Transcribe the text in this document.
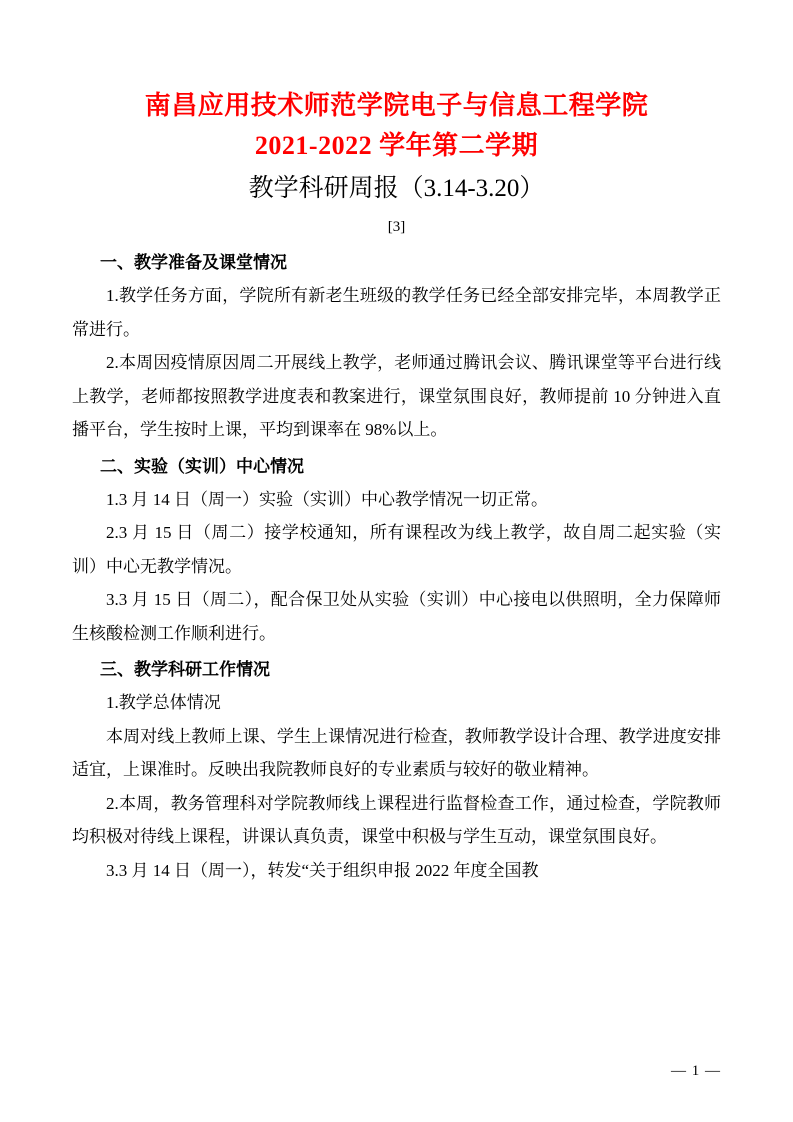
南昌应用技术师范学院电子与信息工程学院
2021-2022 学年第二学期
教学科研周报（3.14-3.20）
[3]
一、教学准备及课堂情况

1.教学任务方面，学院所有新老生班级的教学任务已经全部安排完毕，本周教学正常进行。

2.本周因疫情原因周二开展线上教学，老师通过腾讯会议、腾讯课堂等平台进行线上教学，老师都按照教学进度表和教案进行，课堂氛围良好，教师提前 10 分钟进入直播平台，学生按时上课，平均到课率在 98%以上。

二、实验（实训）中心情况

1.3 月 14 日（周一）实验（实训）中心教学情况一切正常。

2.3 月 15 日（周二）接学校通知，所有课程改为线上教学，故自周二起实验（实训）中心无教学情况。

3.3 月 15 日（周二），配合保卫处从实验（实训）中心接电以供照明，全力保障师生核酸检测工作顺利进行。

三、教学科研工作情况

1.教学总体情况

本周对线上教师上课、学生上课情况进行检查，教师教学设计合理、教学进度安排适宜，上课准时。反映出我院教师良好的专业素质与较好的敬业精神。

2.本周，教务管理科对学院教师线上课程进行监督检查工作，通过检查，学院教师均积极对待线上课程，讲课认真负责，课堂中积极与学生互动，课堂氛围良好。

3.3 月 14 日（周一），转发“关于组织申报 2022 年度全国教

— 1 —
